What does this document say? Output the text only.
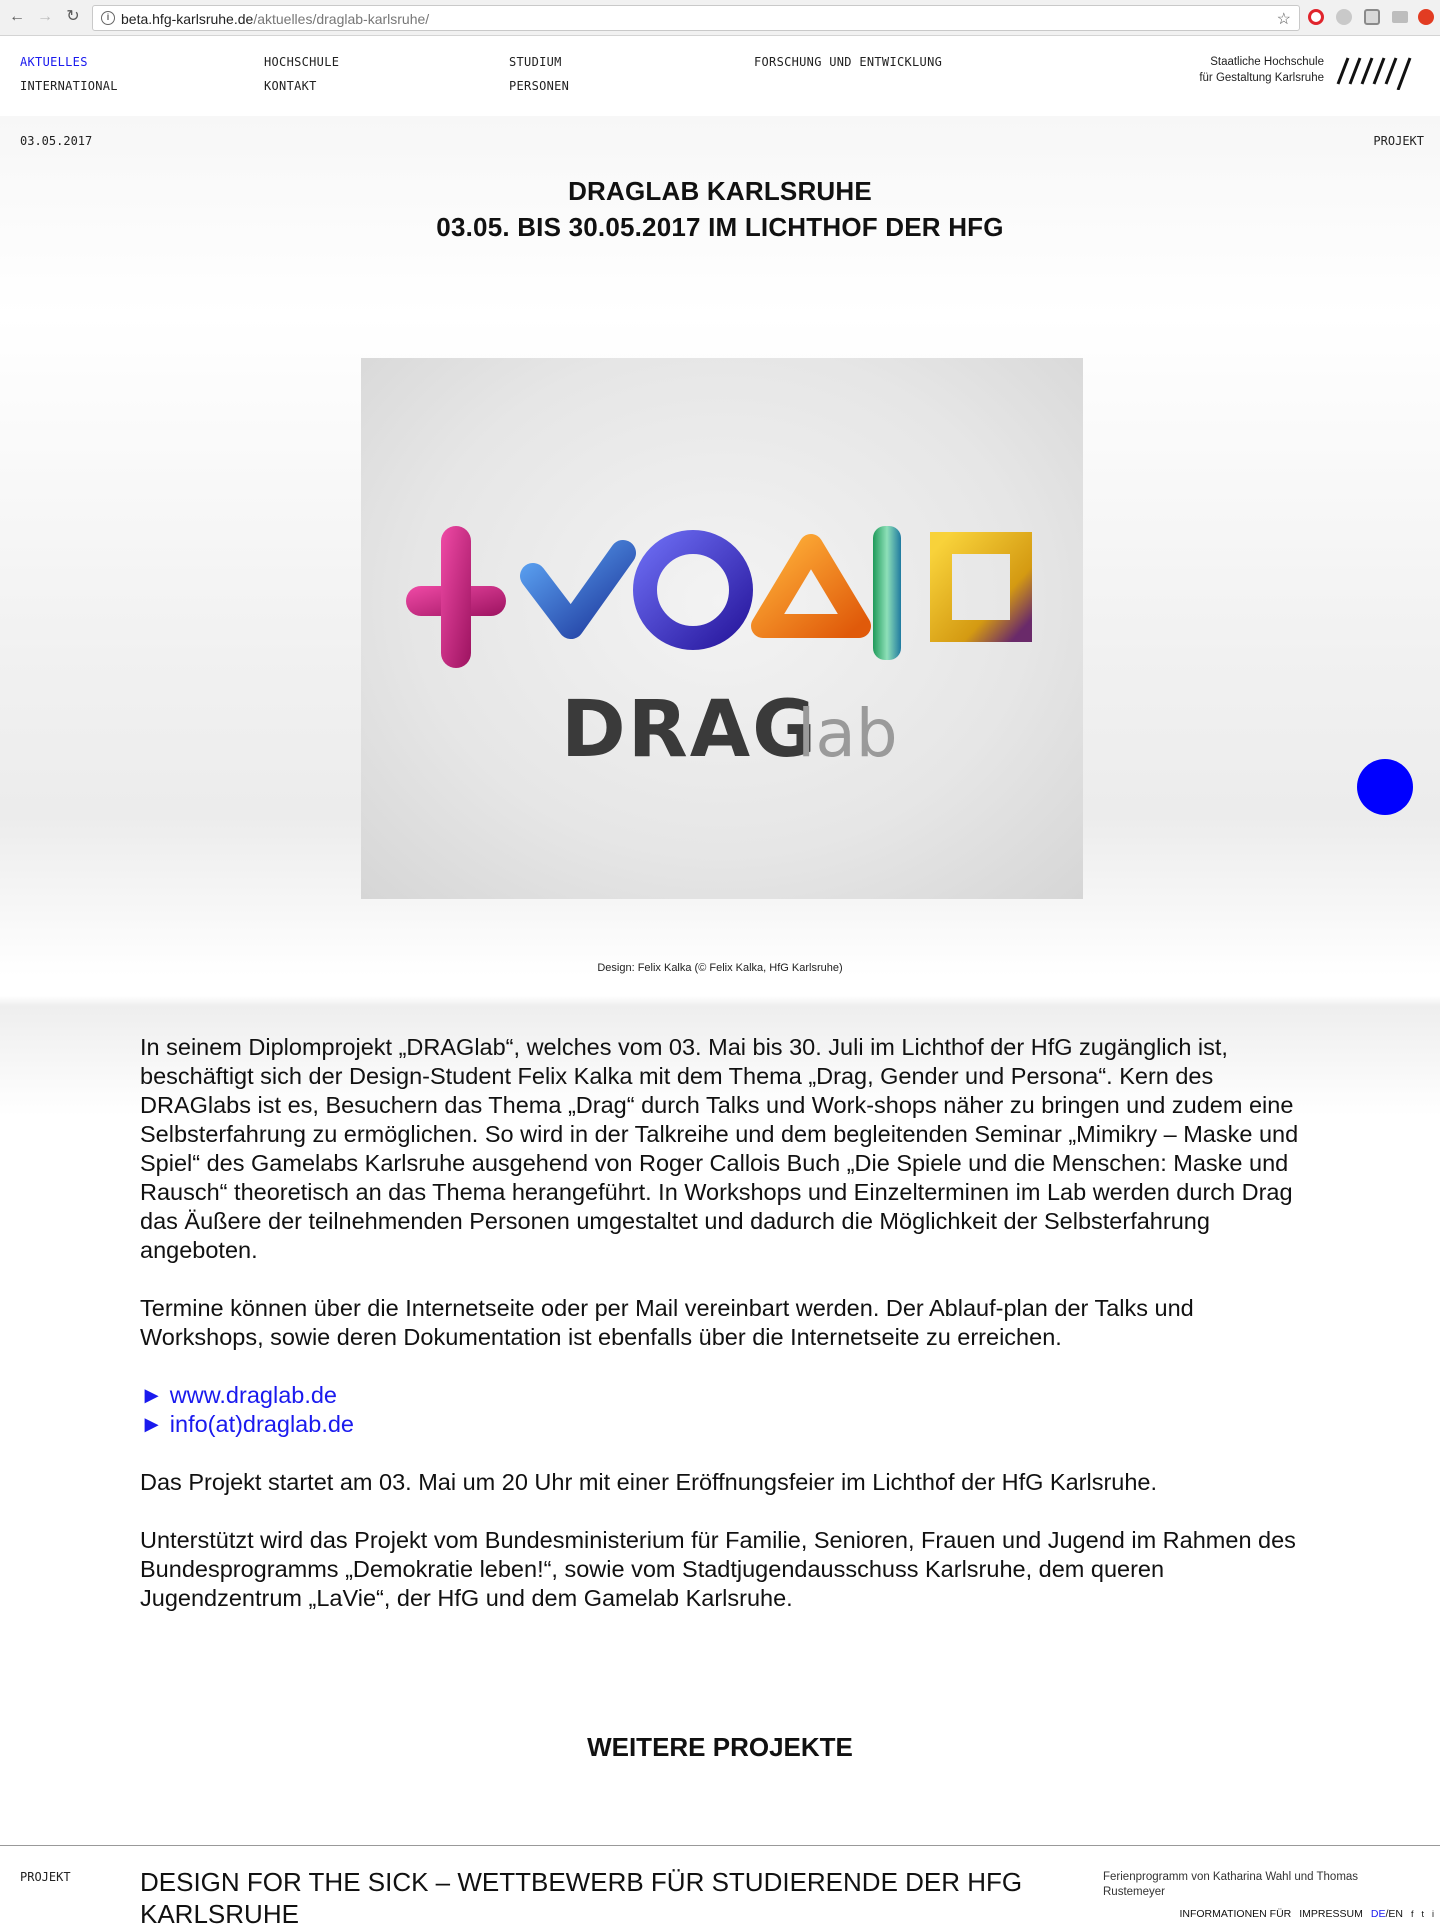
← → ↻	i beta.hfg-karlsruhe.de/aktuelles/draglab-karlsruhe/	☆
AKTUELLES
INTERNATIONAL
HOCHSCHULE
KONTAKT
STUDIUM
PERSONEN
FORSCHUNG UND ENTWICKLUNG	Staatliche Hochschule
für Gestaltung Karlsruhe
03.05.2017	PROJEKT
DRAGLAB KARLSRUHE
03.05. BIS 30.05.2017 IM LICHTHOF DER HFG
DRAG
lab
Design: Felix Kalka (© Felix Kalka, HfG Karlsruhe)

In seinem Diplomprojekt „DRAGlab“, welches vom 03. Mai bis 30. Juli im Lichthof der HfG zugänglich ist, beschäftigt sich der Design-Student Felix Kalka mit dem Thema „Drag, Gender und Persona“. Kern des DRAGlabs ist es, Besuchern das Thema „Drag“ durch Talks und Work-shops näher zu bringen und zudem eine Selbsterfahrung zu ermöglichen. So wird in der Talkreihe und dem begleitenden Seminar „Mimikry – Maske und Spiel“ des Gamelabs Karlsruhe ausgehend von Roger Callois Buch „Die Spiele und die Menschen: Maske und Rausch“ theoretisch an das Thema herangeführt. In Workshops und Einzelterminen im Lab werden durch Drag das Äußere der teilnehmenden Personen umgestaltet und dadurch die Möglichkeit der Selbsterfahrung angeboten.

Termine können über die Internetseite oder per Mail vereinbart werden. Der Ablauf-plan der Talks und Workshops, sowie deren Dokumentation ist ebenfalls über die Internetseite zu erreichen.

► www.draglab.de
► info(at)draglab.de

Das Projekt startet am 03. Mai um 20 Uhr mit einer Eröffnungsfeier im Lichthof der HfG Karlsruhe.

Unterstützt wird das Projekt vom Bundesministerium für Familie, Senioren, Frauen und Jugend im Rahmen des Bundesprogramms „Demokratie leben!“, sowie vom Stadtjugendausschuss Karlsruhe, dem queren Jugendzentrum „LaVie“, der HfG und dem Gamelab Karlsruhe.

WEITERE PROJEKTE
PROJEKT	DESIGN FOR THE SICK – WETTBEWERB FÜR STUDIERENDE DER HFG KARLSRUHE
Ferienprogramm von Katharina Wahl und Thomas Rustemeyer
INFORMATIONEN FÜR IMPRESSUM DE/EN f t i
